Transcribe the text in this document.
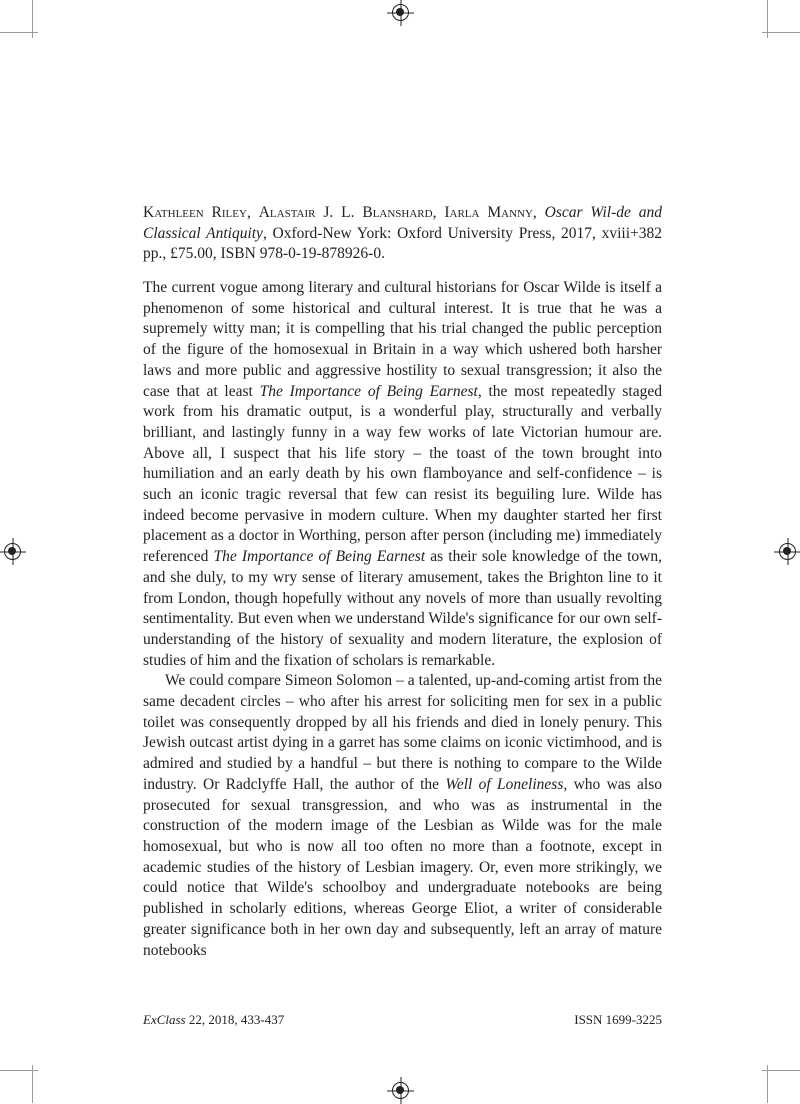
Kathleen Riley, Alastair J. L. Blanshard, Iarla Manny, Oscar Wil-de and Classical Antiquity, Oxford-New York: Oxford University Press, 2017, xviii+382 pp., £75.00, ISBN 978-0-19-878926-0.

The current vogue among literary and cultural historians for Oscar Wilde is itself a phenomenon of some historical and cultural interest. It is true that he was a supremely witty man; it is compelling that his trial changed the public perception of the figure of the homosexual in Britain in a way which ushered both harsher laws and more public and aggressive hostility to sexual transgression; it also the case that at least The Importance of Being Earnest, the most repeatedly staged work from his dramatic output, is a wonderful play, structurally and verbally brilliant, and lastingly funny in a way few works of late Victorian humour are. Above all, I suspect that his life story – the toast of the town brought into humiliation and an early death by his own flamboyance and self-confidence – is such an iconic tragic reversal that few can resist its beguiling lure. Wilde has indeed become pervasive in modern culture. When my daughter started her first placement as a doctor in Worthing, person after person (including me) immediately referenced The Importance of Being Earnest as their sole knowledge of the town, and she duly, to my wry sense of literary amusement, takes the Brighton line to it from London, though hopefully without any novels of more than usually revolting sentimentality. But even when we understand Wilde's significance for our own self-understanding of the history of sexuality and modern literature, the explosion of studies of him and the fixation of scholars is remarkable.

We could compare Simeon Solomon – a talented, up-and-coming artist from the same decadent circles – who after his arrest for soliciting men for sex in a public toilet was consequently dropped by all his friends and died in lonely penury. This Jewish outcast artist dying in a garret has some claims on iconic victimhood, and is admired and studied by a handful – but there is nothing to compare to the Wilde industry. Or Radclyffe Hall, the author of the Well of Loneliness, who was also prosecuted for sexual transgression, and who was as instrumental in the construction of the modern image of the Lesbian as Wilde was for the male homosexual, but who is now all too often no more than a footnote, except in academic studies of the history of Lesbian imagery. Or, even more strikingly, we could notice that Wilde's schoolboy and undergraduate notebooks are being published in scholarly editions, whereas George Eliot, a writer of considerable greater significance both in her own day and subsequently, left an array of mature notebooks

ExClass 22, 2018, 433-437	ISSN 1699-3225
